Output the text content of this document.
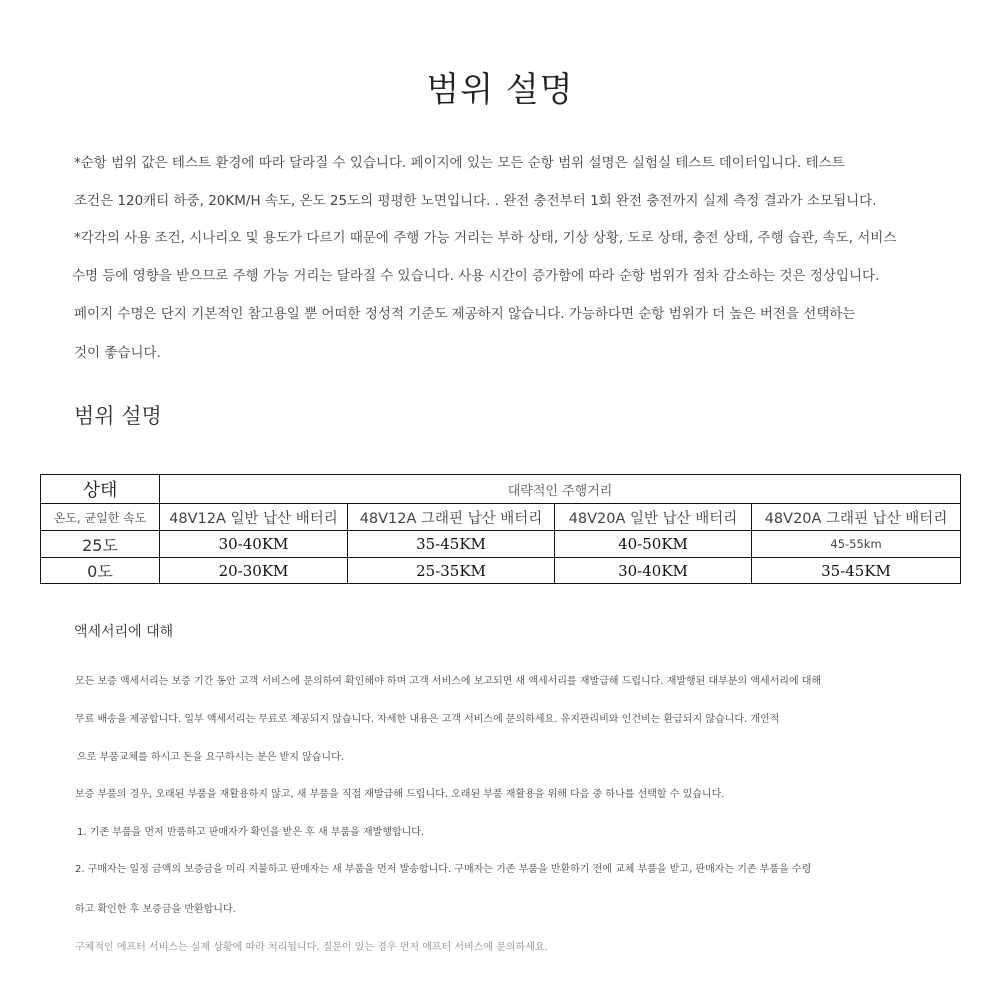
범위 설명

*순항 범위 값은 테스트 환경에 따라 달라질 수 있습니다. 페이지에 있는 모든 순항 범위 설명은 실험실 테스트 데이터입니다. 테스트

조건은 120캐티 하중, 20KM/H 속도, 온도 25도의 평평한 노면입니다. . 완전 충전부터 1회 완전 충전까지 실제 측정 결과가 소모됩니다.

*각각의 사용 조건, 시나리오 및 용도가 다르기 때문에 주행 가능 거리는 부하 상태, 기상 상황, 도로 상태, 충전 상태, 주행 습관, 속도, 서비스

수명 등에 영향을 받으므로 주행 가능 거리는 달라질 수 있습니다. 사용 시간이 증가함에 따라 순항 범위가 점차 감소하는 것은 정상입니다.

페이지 수명은 단지 기본적인 참고용일 뿐 어떠한 정성적 기준도 제공하지 않습니다. 가능하다면 순항 범위가 더 높은 버전을 선택하는

것이 좋습니다.

범위 설명
상태	대략적인 주행거리			
온도, 균일한 속도	48V12A 일반 납산 배터리	48V12A 그래핀 납산 배터리	48V20A 일반 납산 배터리	48V20A 그래핀 납산 배터리
25도	30-40KM	35-45KM	40-50KM	45-55km
0도	20-30KM	25-35KM	30-40KM	35-45KM
액세서리에 대해

모든 보증 액세서리는 보증 기간 동안 고객 서비스에 문의하여 확인해야 하며 고객 서비스에 보고되면 새 액세서리를 재발급해 드립니다. 재발행된 대부분의 액세서리에 대해

무료 배송을 제공합니다. 일부 액세서리는 무료로 제공되지 않습니다. 자세한 내용은 고객 서비스에 문의하세요. 유지관리비와 인건비는 환급되지 않습니다. 개인적

으로 부품교체를 하시고 돈을 요구하시는 분은 받지 않습니다.

보증 부품의 경우, 오래된 부품을 재활용하지 않고, 새 부품을 직접 재발급해 드립니다. 오래된 부품 재활용을 위해 다음 중 하나를 선택할 수 있습니다.

1. 기존 부품을 먼저 반품하고 판매자가 확인을 받은 후 새 부품을 재발행합니다.

2. 구매자는 일정 금액의 보증금을 미리 지불하고 판매자는 새 부품을 먼저 발송합니다. 구매자는 기존 부품을 반환하기 전에 교체 부품을 받고, 판매자는 기존 부품을 수령

하고 확인한 후 보증금을 반환합니다.

구체적인 애프터 서비스는 실제 상황에 따라 처리됩니다. 질문이 있는 경우 먼저 애프터 서비스에 문의하세요.
